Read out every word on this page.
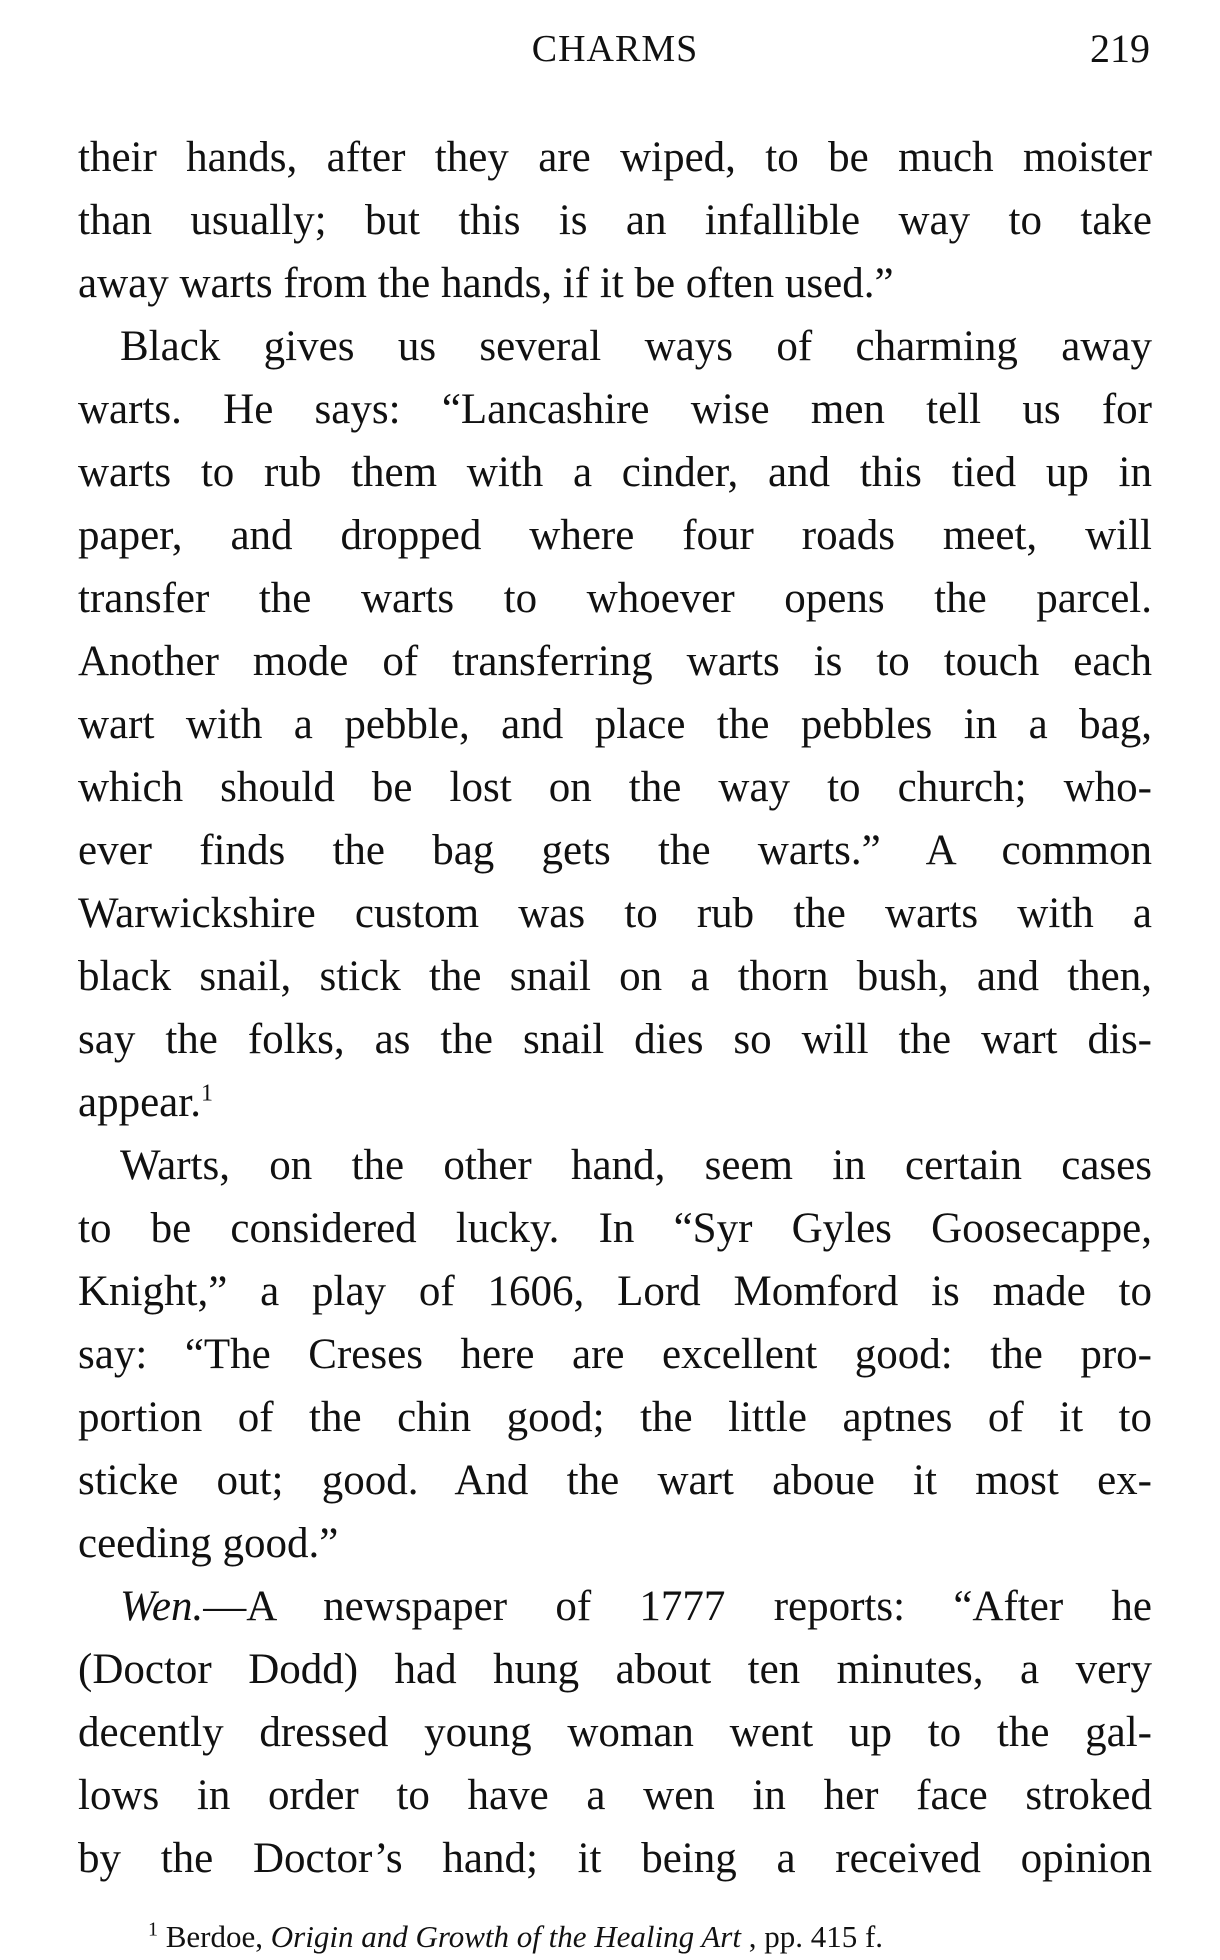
CHARMS	219
their hands, after they are wiped, to be much moister
than usually; but this is an infallible way to take
away warts from the hands, if it be often used.”
Black gives us several ways of charming away
warts. He says: “Lancashire wise men tell us for
warts to rub them with a cinder, and this tied up in
paper, and dropped where four roads meet, will
transfer the warts to whoever opens the parcel.
Another mode of transferring warts is to touch each
wart with a pebble, and place the pebbles in a bag,
which should be lost on the way to church; who-
ever finds the bag gets the warts.” A common
Warwickshire custom was to rub the warts with a
black snail, stick the snail on a thorn bush, and then,
say the folks, as the snail dies so will the wart dis-
appear.$^1$
Warts, on the other hand, seem in certain cases
to be considered lucky. In “Syr Gyles Goosecappe,
Knight,” a play of 1606, Lord Momford is made to
say: “The Creses here are excellent good: the pro-
portion of the chin good; the little aptnes of it to
sticke out; good. And the wart aboue it most ex-
ceeding good.”
Wen.—A newspaper of 1777 reports: “After he
(Doctor Dodd) had hung about ten minutes, a very
decently dressed young woman went up to the gal-
lows in order to have a wen in her face stroked
by the Doctor’s hand; it being a received opinion
$^1$ Berdoe, Origin and Growth of the Healing Art , pp. 415 f.
